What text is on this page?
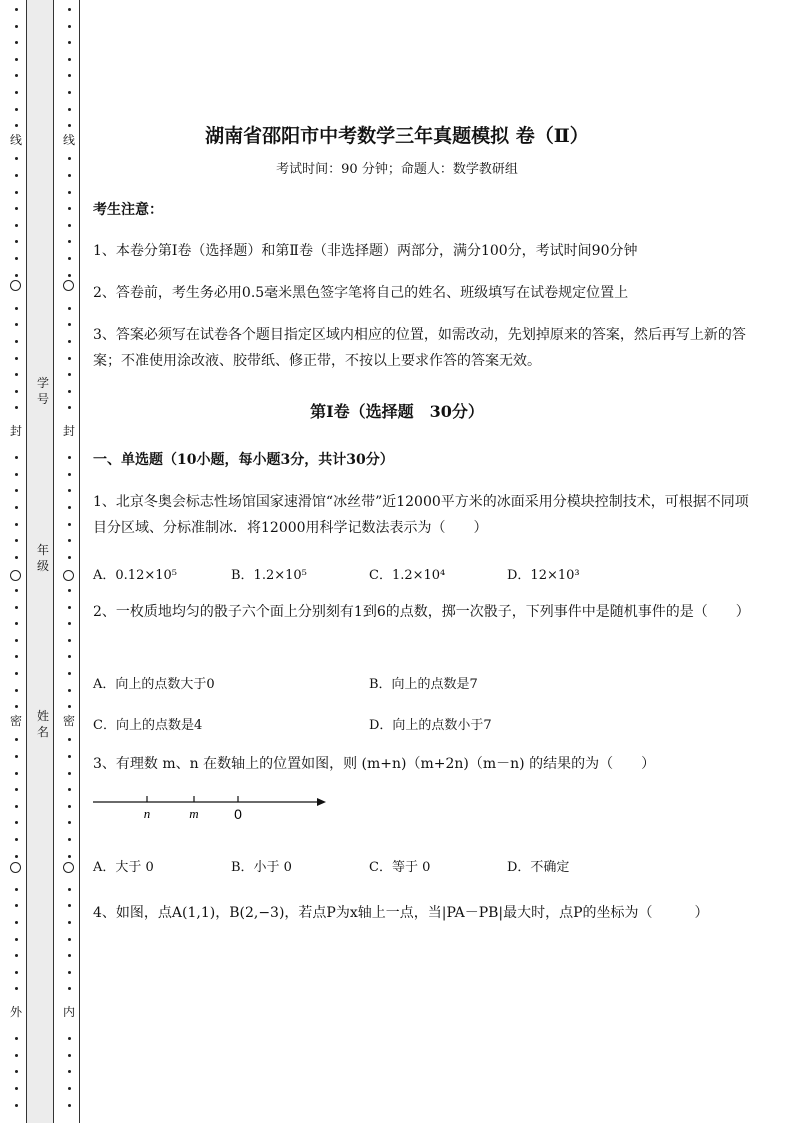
学
号
年
级
姓
名
线
封
密
外
线
封
密
内
湖南省邵阳市中考数学三年真题模拟 卷（Ⅱ）
考试时间：90 分钟；命题人：数学教研组
考生注意：
1、本卷分第Ⅰ卷（选择题）和第Ⅱ卷（非选择题）两部分，满分100分，考试时间90分钟
2、答卷前，考生务必用0.5毫米黑色签字笔将自己的姓名、班级填写在试卷规定位置上
3、答案必须写在试卷各个题目指定区域内相应的位置，如需改动，先划掉原来的答案，然后再写上新的答案；不准使用涂改液、胶带纸、修正带，不按以上要求作答的答案无效。
第Ⅰ卷（选择题　30分）
一、单选题（10小题，每小题3分，共计30分）
1、北京冬奥会标志性场馆国家速滑馆“冰丝带”近12000平方米的冰面采用分模块控制技术，可根据不同项目分区域、分标准制冰．将12000用科学记数法表示为（　　）
A．0.12×10⁵	B．1.2×10⁵	C．1.2×10⁴	D．12×10³
2、一枚质地均匀的骰子六个面上分别刻有1到6的点数，掷一次骰子，下列事件中是随机事件的是（　　）
A．向上的点数大于0	B．向上的点数是7
C．向上的点数是4	D．向上的点数小于7
3、有理数 m、n 在数轴上的位置如图，则 (m+n)（m+2n)（m－n) 的结果的为（　　）
n	m	0
A．大于 0	B．小于 0	C．等于 0	D．不确定
4、如图，点A(1,1)，B(2,−3)，若点P为x轴上一点，当|PA－PB|最大时，点P的坐标为（　　　）
